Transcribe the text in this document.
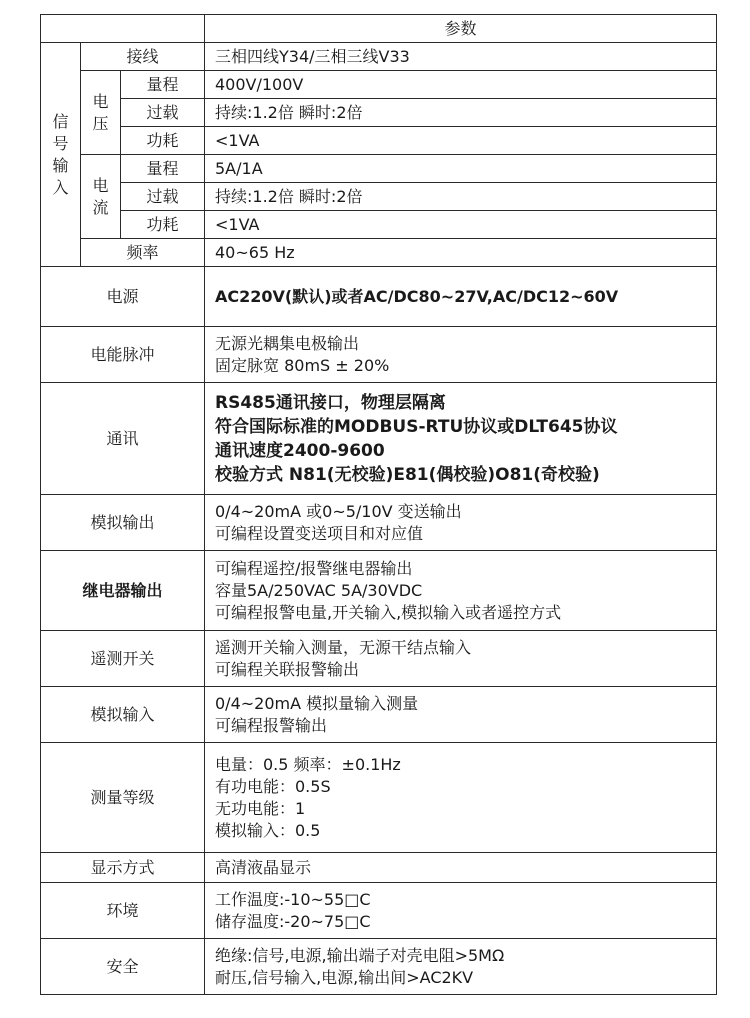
			参数

信
号
输
入	接线		三相四线Y34/三相三线V33

	电
压	量程	400V/100V
		过载	持续:1.2倍 瞬时:2倍
		功耗	<1VA

	电
流	量程	5A/1A
		过载	持续:1.2倍 瞬时:2倍
		功耗	<1VA
	频率		40~65 Hz
电源			AC220V(默认)或者AC/DC80~27V,AC/DC12~60V
电能脉冲			无源光耦集电极输出
固定脉宽 80mS ± 20%

通讯			RS485通讯接口，物理层隔离
符合国际标准的MODBUS-RTU协议或DLT645协议
通讯速度2400-9600
校验方式 N81(无校验)E81(偶校验)O81(奇校验)

模拟输出			0/4~20mA 或0~5/10V 变送输出
可编程设置变送项目和对应值

继电器输出			可编程遥控/报警继电器输出
容量5A/250VAC 5A/30VDC
可编程报警电量,开关输入,模拟输入或者遥控方式

遥测开关			遥测开关输入测量，无源干结点输入
可编程关联报警输出

模拟输入			0/4~20mA 模拟量输入测量
可编程报警输出

测量等级			电量：0.5 频率：±0.1Hz
有功电能：0.5S
无功电能：1
模拟输入：0.5

显示方式			高清液晶显示
环境			工作温度:-10~55□C
储存温度:-20~75□C

安全			绝缘:信号,电源,输出端子对壳电阻>5MΩ
耐压,信号输入,电源,输出间>AC2KV
